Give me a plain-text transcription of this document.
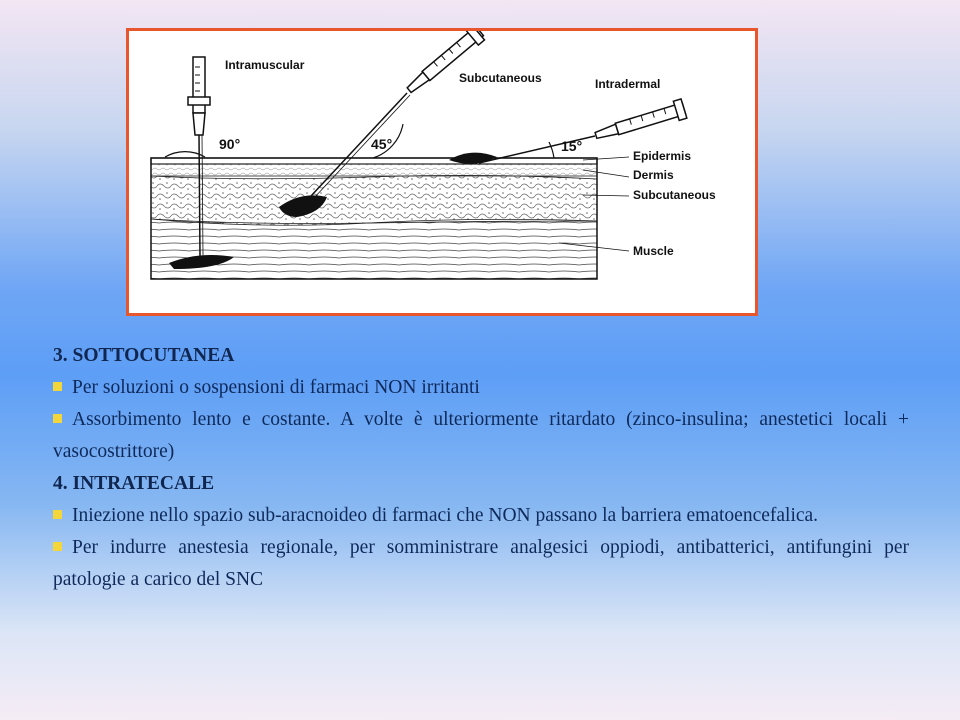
Intramuscular
Subcutaneous	Intradermal
Epidermis
Dermis
Subcutaneous
Muscle
90°	45°	15°
3. SOTTOCUTANEA
Per soluzioni o sospensioni di farmaci NON irritanti
Assorbimento lento e costante. A volte è ulteriormente ritardato (zinco-insulina; anestetici locali + vasocostrittore)
4. INTRATECALE
Iniezione nello spazio sub-aracnoideo di farmaci che NON passano la barriera ematoencefalica.
Per indurre anestesia regionale, per somministrare analgesici oppiodi, antibatterici, antifungini per patologie a carico del SNC
